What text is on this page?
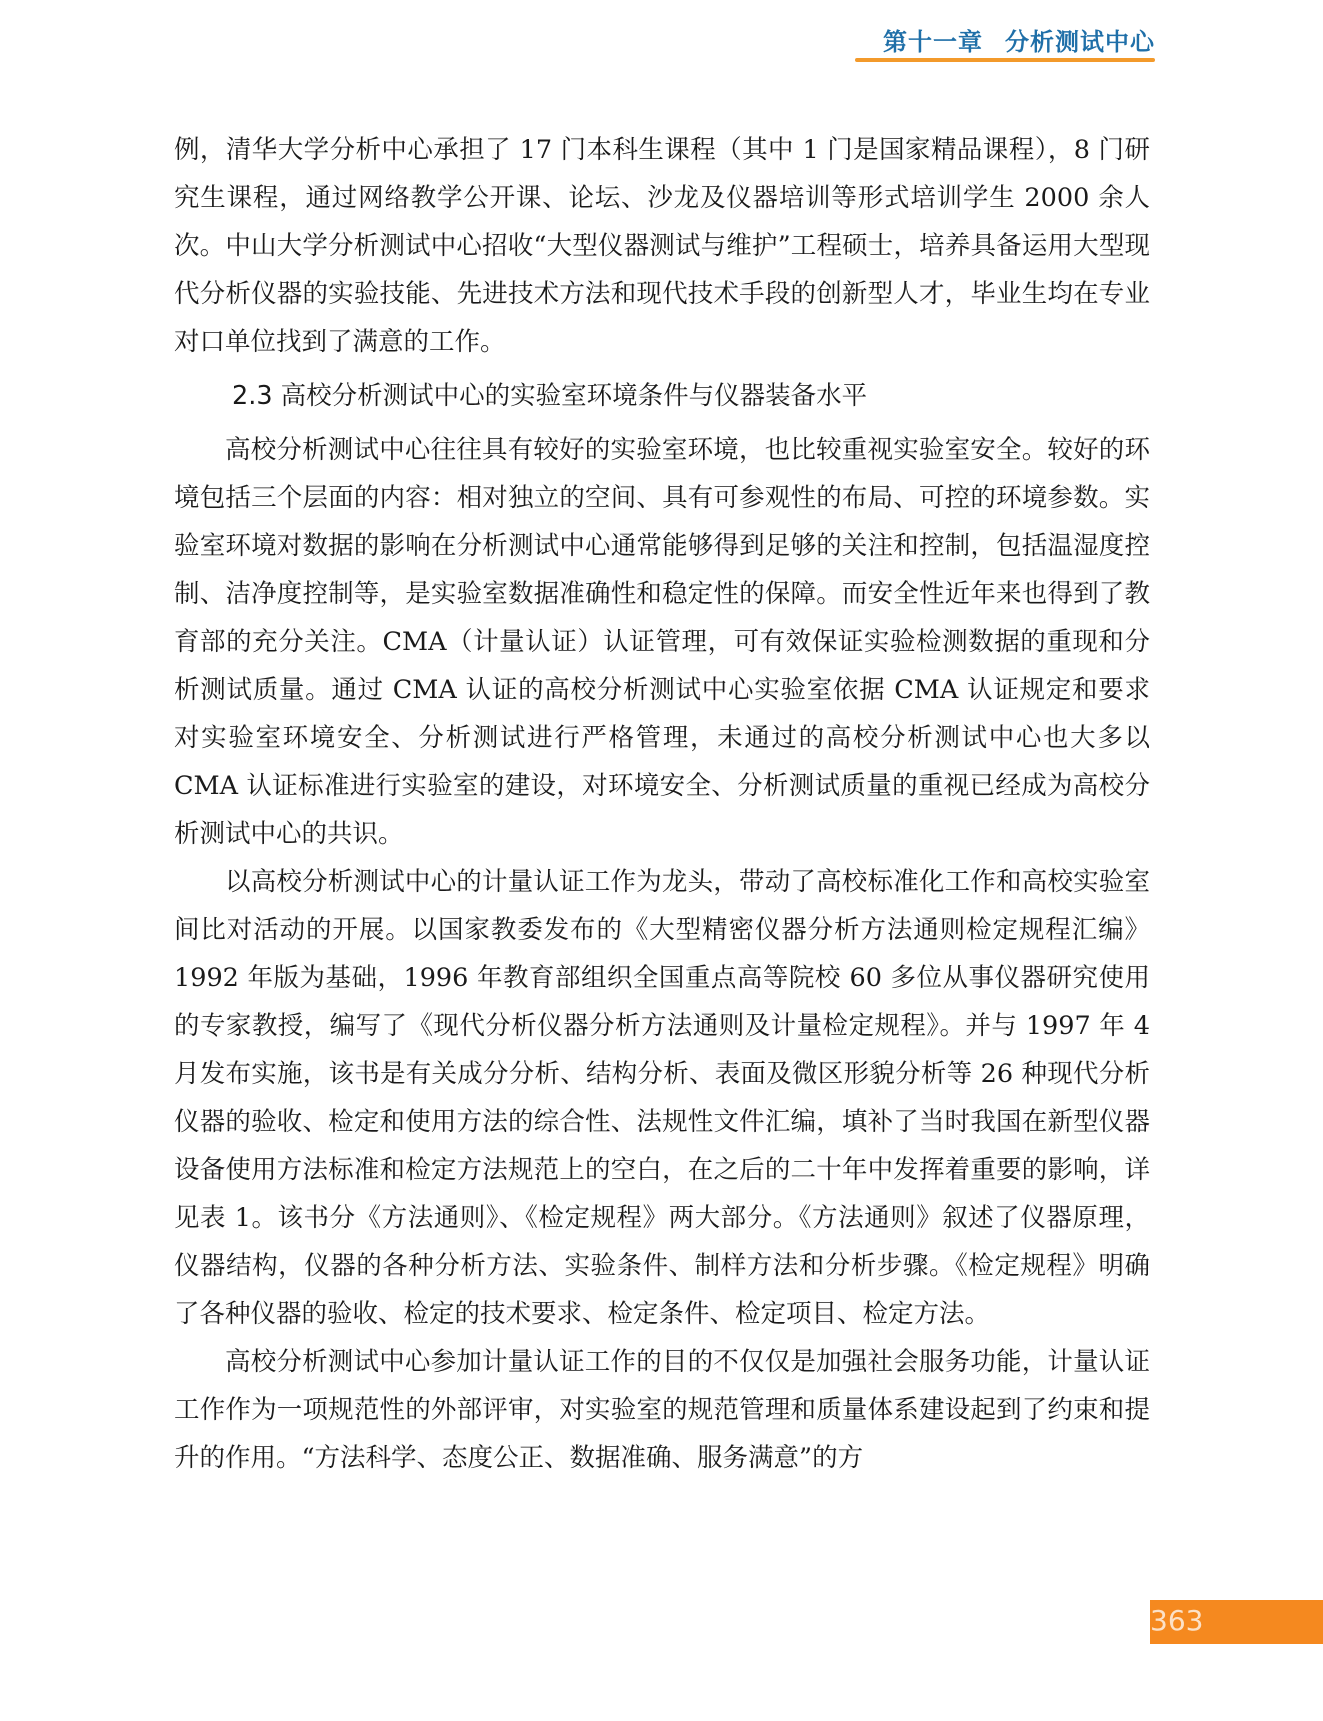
第十一章 分析测试中心

例，清华大学分析中心承担了 17 门本科生课程（其中 1 门是国家精品课程），8 门研究生课程，通过网络教学公开课、论坛、沙龙及仪器培训等形式培训学生 2000 余人次。中山大学分析测试中心招收“大型仪器测试与维护”工程硕士，培养具备运用大型现代分析仪器的实验技能、先进技术方法和现代技术手段的创新型人才，毕业生均在专业对口单位找到了满意的工作。

2.3 高校分析测试中心的实验室环境条件与仪器装备水平

高校分析测试中心往往具有较好的实验室环境，也比较重视实验室安全。较好的环境包括三个层面的内容：相对独立的空间、具有可参观性的布局、可控的环境参数。实验室环境对数据的影响在分析测试中心通常能够得到足够的关注和控制，包括温湿度控制、洁净度控制等，是实验室数据准确性和稳定性的保障。而安全性近年来也得到了教育部的充分关注。CMA（计量认证）认证管理，可有效保证实验检测数据的重现和分析测试质量。通过 CMA 认证的高校分析测试中心实验室依据 CMA 认证规定和要求对实验室环境安全、分析测试进行严格管理，未通过的高校分析测试中心也大多以 CMA 认证标准进行实验室的建设，对环境安全、分析测试质量的重视已经成为高校分析测试中心的共识。

以高校分析测试中心的计量认证工作为龙头，带动了高校标准化工作和高校实验室间比对活动的开展。以国家教委发布的《大型精密仪器分析方法通则检定规程汇编》1992 年版为基础，1996 年教育部组织全国重点高等院校 60 多位从事仪器研究使用的专家教授，编写了《现代分析仪器分析方法通则及计量检定规程》。并与 1997 年 4 月发布实施，该书是有关成分分析、结构分析、表面及微区形貌分析等 26 种现代分析仪器的验收、检定和使用方法的综合性、法规性文件汇编，填补了当时我国在新型仪器设备使用方法标准和检定方法规范上的空白，在之后的二十年中发挥着重要的影响，详见表 1。该书分《方法通则》、《检定规程》两大部分。《方法通则》叙述了仪器原理，仪器结构，仪器的各种分析方法、实验条件、制样方法和分析步骤。《检定规程》明确了各种仪器的验收、检定的技术要求、检定条件、检定项目、检定方法。

高校分析测试中心参加计量认证工作的目的不仅仅是加强社会服务功能，计量认证工作作为一项规范性的外部评审，对实验室的规范管理和质量体系建设起到了约束和提升的作用。“方法科学、态度公正、数据准确、服务满意”的方

363
